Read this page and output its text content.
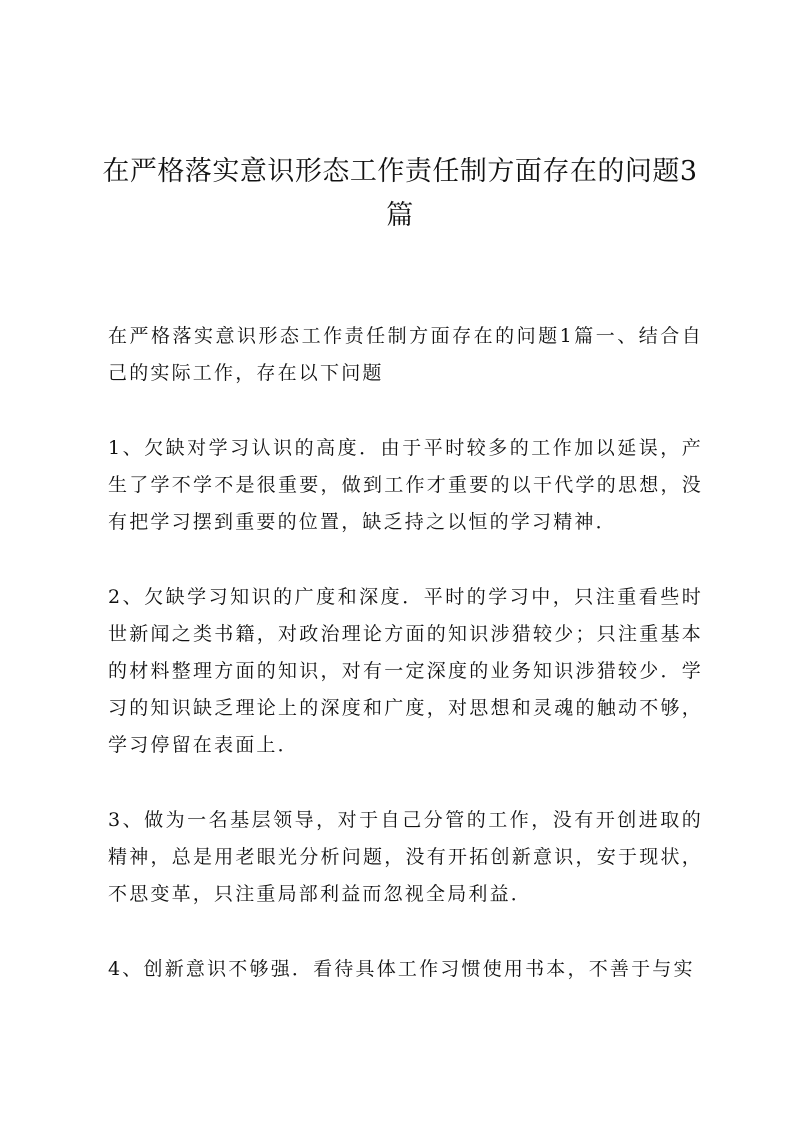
在严格落实意识形态工作责任制方面存在的问题3篇

在严格落实意识形态工作责任制方面存在的问题1篇一、结合自己的实际工作，存在以下问题

1、欠缺对学习认识的高度．由于平时较多的工作加以延误，产生了学不学不是很重要，做到工作才重要的以干代学的思想，没有把学习摆到重要的位置，缺乏持之以恒的学习精神．

2、欠缺学习知识的广度和深度．平时的学习中，只注重看些时世新闻之类书籍，对政治理论方面的知识涉猎较少；只注重基本的材料整理方面的知识，对有一定深度的业务知识涉猎较少．学习的知识缺乏理论上的深度和广度，对思想和灵魂的触动不够，学习停留在表面上．

3、做为一名基层领导，对于自己分管的工作，没有开创进取的精神，总是用老眼光分析问题，没有开拓创新意识，安于现状，不思变革，只注重局部利益而忽视全局利益．

4、创新意识不够强．看待具体工作习惯使用书本，不善于与实
